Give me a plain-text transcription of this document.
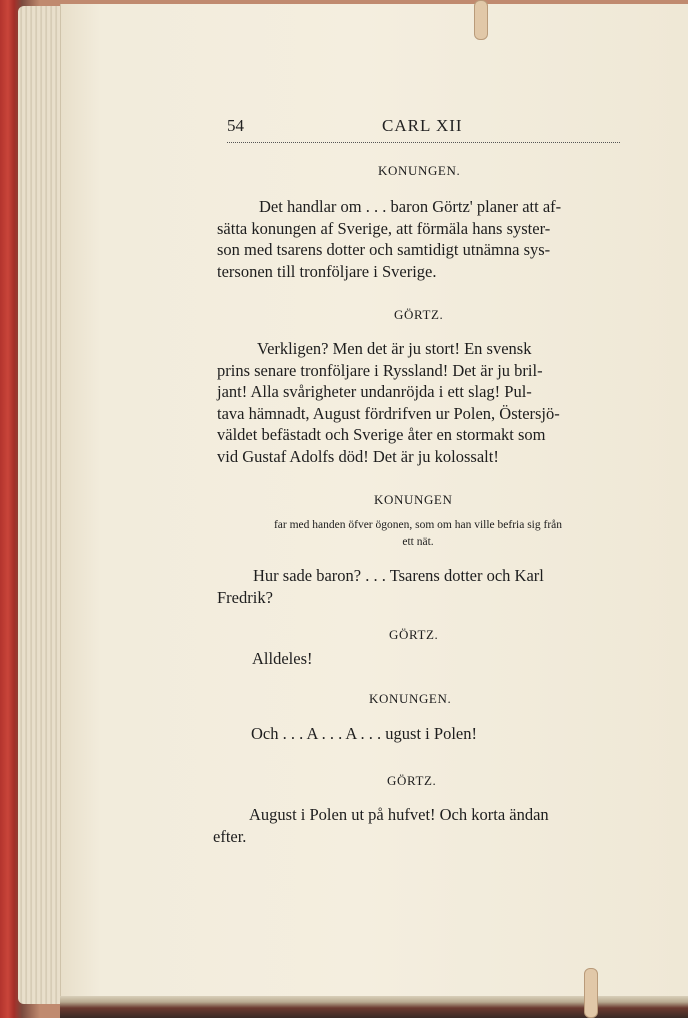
54	CARL XII
KONUNGEN.
Det handlar om . . . baron Görtz' planer att af-
sätta konungen af Sverige, att förmäla hans syster-
son med tsarens dotter och samtidigt utnämna sys-
tersonen till tronföljare i Sverige.
GÖRTZ.
Verkligen? Men det är ju stort! En svensk
prins senare tronföljare i Ryssland! Det är ju bril-
jant! Alla svårigheter undanröjda i ett slag! Pul-
tava hämnadt, August fördrifven ur Polen, Östersjö-
väldet befästadt och Sverige åter en stormakt som
vid Gustaf Adolfs död! Det är ju kolossalt!
KONUNGEN
far med handen öfver ögonen, som om han ville befria sig från
ett nät.
Hur sade baron? . . . Tsarens dotter och Karl
Fredrik?
GÖRTZ.
Alldeles!
KONUNGEN.
Och . . . A . . . A . . . ugust i Polen!
GÖRTZ.
August i Polen ut på hufvet! Och korta ändan
efter.
